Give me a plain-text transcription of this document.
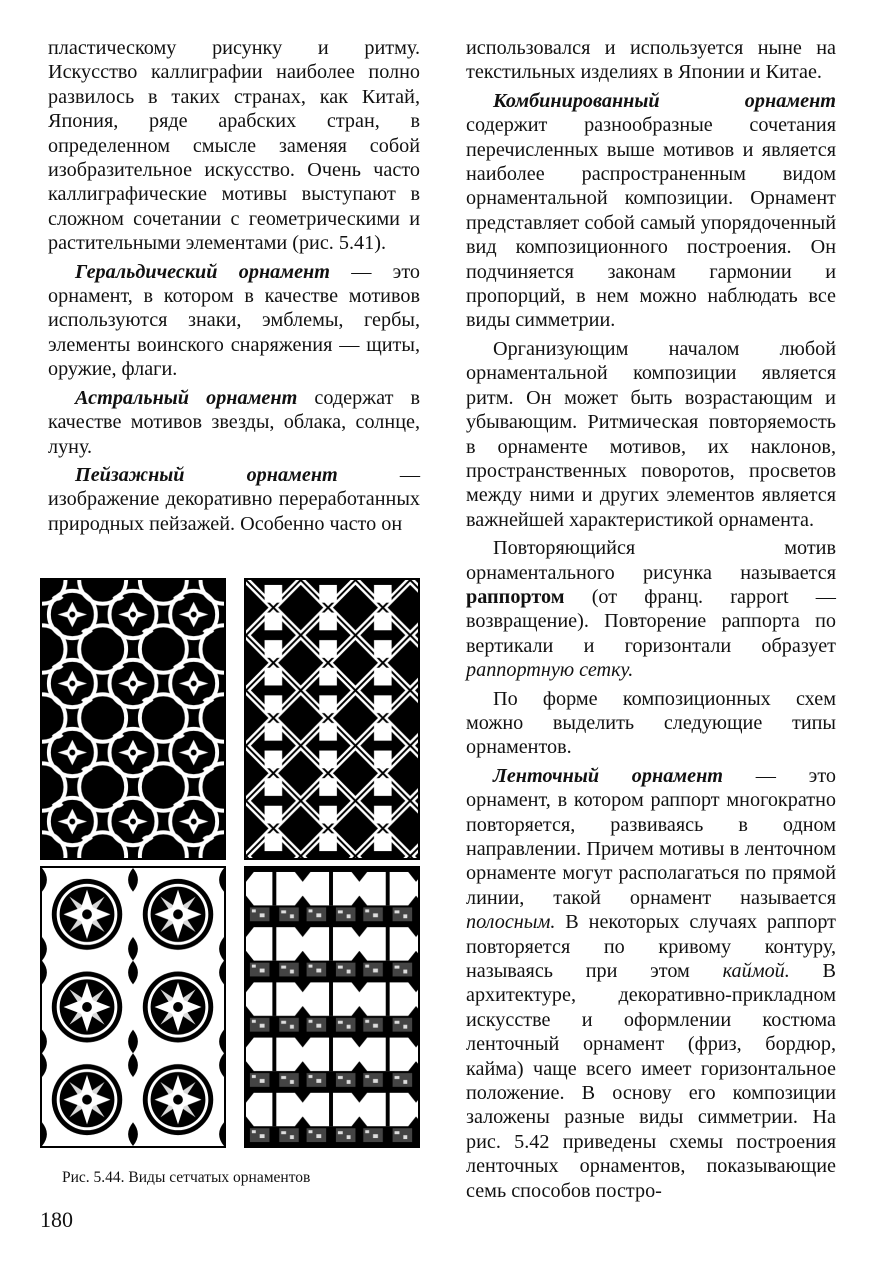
пластическому рисунку и ритму. Искусство каллиграфии наиболее полно развилось в таких странах, как Китай, Япония, ряде арабских стран, в определенном смысле заменяя собой изобразительное искусство. Очень часто каллиграфические мотивы выступают в сложном сочетании с геометрическими и растительными элементами (рис. 5.41).

Геральдический орнамент — это орнамент, в котором в качестве мотивов используются знаки, эмблемы, гербы, элементы воинского снаряжения — щиты, оружие, флаги.

Астральный орнамент содержат в качестве мотивов звезды, облака, солнце, луну.

Пейзажный орнамент — изображение декоративно переработанных природных пейзажей. Особенно часто он

использовался и используется ныне на текстильных изделиях в Японии и Китае.

Комбинированный орнамент содержит разнообразные сочетания перечисленных выше мотивов и является наиболее распространенным видом орнаментальной композиции. Орнамент представляет собой самый упорядоченный вид композиционного построения. Он подчиняется законам гармонии и пропорций, в нем можно наблюдать все виды симметрии.

Организующим началом любой орнаментальной композиции является ритм. Он может быть возрастающим и убывающим. Ритмическая повторяемость в орнаменте мотивов, их наклонов, пространственных поворотов, просветов между ними и других элементов является важнейшей характеристикой орнамента.

Повторяющийся мотив орнаментального рисунка называется раппортом (от франц. rapport — возвращение). Повторение раппорта по вертикали и горизонтали образует раппортную сетку.

По форме композиционных схем можно выделить следующие типы орнаментов.

Ленточный орнамент — это орнамент, в котором раппорт многократно повторяется, развиваясь в одном направлении. Причем мотивы в ленточном орнаменте могут располагаться по прямой линии, такой орнамент называется полосным. В некоторых случаях раппорт повторяется по кривому контуру, называясь при этом каймой. В архитектуре, декоративно-прикладном искусстве и оформлении костюма ленточный орнамент (фриз, бордюр, кайма) чаще всего имеет горизонтальное положение. В основу его композиции заложены разные виды симметрии. На рис. 5.42 приведены схемы построения ленточных орнаментов, показывающие семь способов постро-

Рис. 5.44. Виды сетчатых орнаментов
180
